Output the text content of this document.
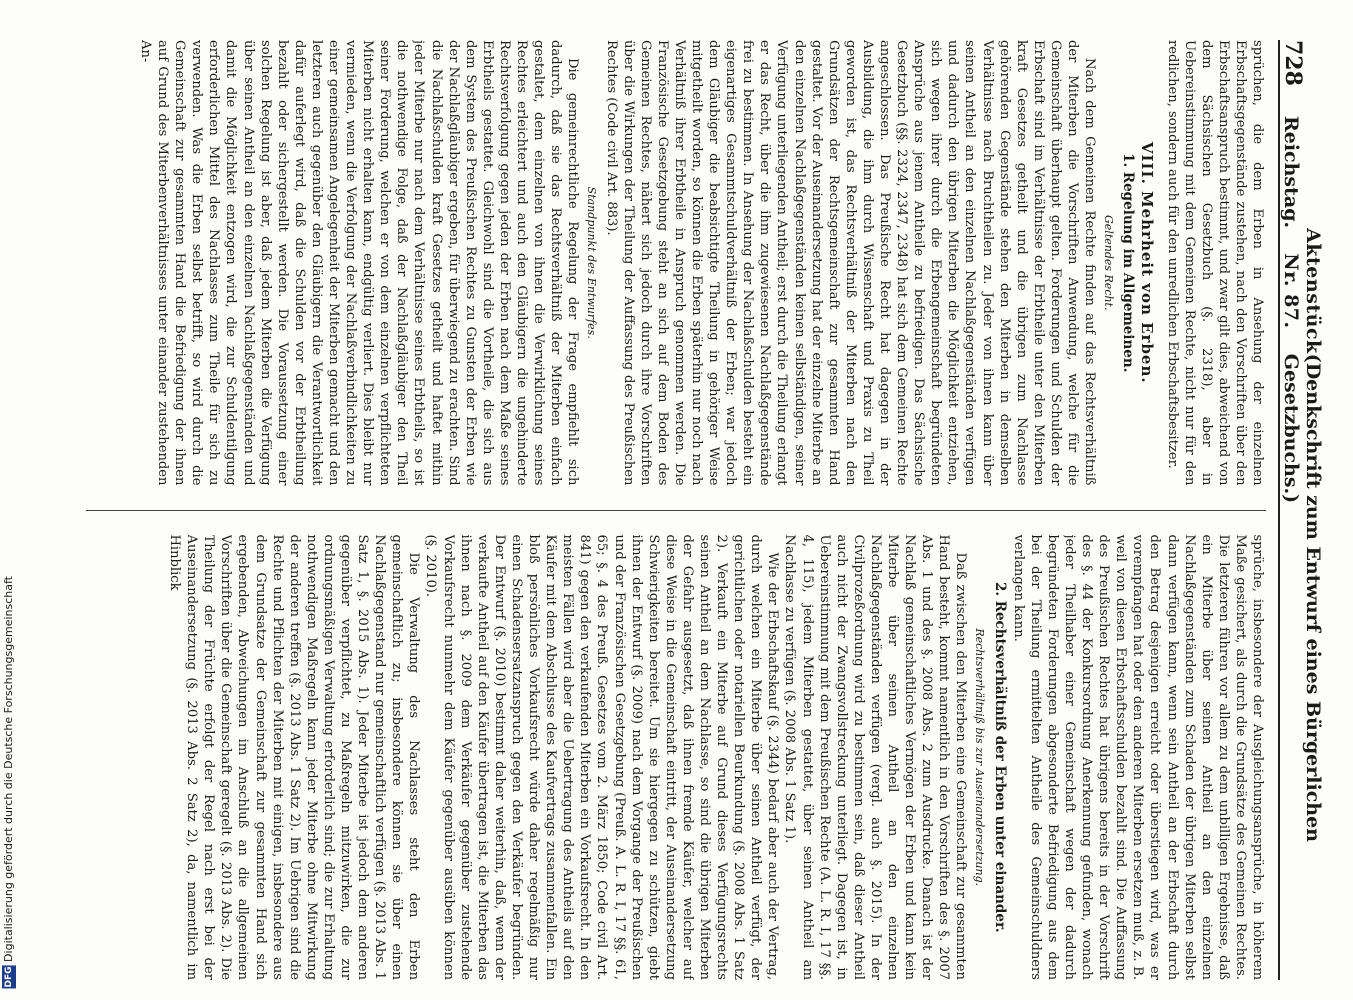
728
Reichstag.
Aktenstück Nr. 87.
(Denkschrift zum Entwurf eines Bürgerlichen Gesetzbuchs.)

sprüchen, die dem Erben in Ansehung der einzelnen Erbschaftsgegenstände zustehen, nach den Vorschriften über den Erbschaftsanspruch bestimmt, und zwar gilt dies, abweichend von dem Sächsischen Gesetzbuch (§. 2318), aber in Uebereinstimmung mit dem Gemeinen Rechte, nicht nur für den redlichen, sondern auch für den unredlichen Erbschaftsbesitzer.

VIII. Mehrheit von Erben.
1. Regelung im Allgemeinen.
Geltendes Recht.

Nach dem Gemeinen Rechte finden auf das Rechtsverhältniß der Miterben die Vorschriften Anwendung, welche für die Gemeinschaft überhaupt gelten. Forderungen und Schulden der Erbschaft sind im Verhältnisse der Erbtheile unter den Miterben kraft Gesetzes getheilt und die übrigen zum Nachlasse gehörenden Gegenstände stehen den Miterben in demselben Verhältnisse nach Bruchtheilen zu. Jeder von ihnen kann über seinen Antheil an den einzelnen Nachlaßgegenständen verfügen und dadurch den übrigen Miterben die Möglichkeit entziehen, sich wegen ihrer durch die Erbengemeinschaft begründeten Ansprüche aus jenem Antheile zu befriedigen. Das Sächsische Gesetzbuch (§§. 2324, 2347, 2348) hat sich dem Gemeinen Rechte angeschlossen. Das Preußische Recht hat dagegen in der Ausbildung, die ihm durch Wissenschaft und Praxis zu Theil geworden ist, das Rechtsverhältniß der Miterben nach den Grundsätzen der Rechtsgemeinschaft zur gesammten Hand gestaltet. Vor der Auseinandersetzung hat der einzelne Miterbe an den einzelnen Nachlaßgegenständen keinen selbständigen, seiner Verfügung unterliegenden Antheil; erst durch die Theilung erlangt er das Recht, über die ihm zugewiesenen Nachlaßgegenstände frei zu bestimmen. In Ansehung der Nachlaßschulden besteht ein eigenartiges Gesammtschuldverhältniß der Erben; war jedoch dem Gläubiger die beabsichtigte Theilung in gehöriger Weise mitgetheilt worden, so können die Erben späterhin nur noch nach Verhältniß ihrer Erbtheile in Anspruch genommen werden. Die Französische Gesetzgebung steht an sich auf dem Boden des Gemeinen Rechtes, nähert sich jedoch durch ihre Vorschriften über die Wirkungen der Theilung der Auffassung des Preußischen Rechtes (Code civil Art. 883).

Standpunkt des Entwurfes.

Die gemeinrechtliche Regelung der Frage empfiehlt sich dadurch, daß sie das Rechtsverhältniß der Miterben einfach gestaltet, dem einzelnen von ihnen die Verwirklichung seines Rechtes erleichtert und auch den Gläubigern die ungehinderte Rechtsverfolgung gegen jeden der Erben nach dem Maße seines Erbtheils gestattet. Gleichwohl sind die Vortheile, die sich aus dem System des Preußischen Rechtes zu Gunsten der Erben wie der Nachlaßgläubiger ergeben, für überwiegend zu erachten. Sind die Nachlaßschulden kraft Gesetzes getheilt und haftet mithin jeder Miterbe nur nach dem Verhältnisse seines Erbtheils, so ist die nothwendige Folge, daß der Nachlaßgläubiger den Theil seiner Forderung, welchen er von dem einzelnen verpflichteten Miterben nicht erhalten kann, endgültig verliert. Dies bleibt nur vermieden, wenn die Verfolgung der Nachlaßverbindlichkeiten zu einer gemeinsamen Angelegenheit der Miterben gemacht und den letzteren auch gegenüber den Gläubigern die Verantwortlichkeit dafür auferlegt wird, daß die Schulden vor der Erbtheilung bezahlt oder sichergestellt werden. Die Voraussetzung einer solchen Regelung ist aber, daß jedem Miterben die Verfügung über seinen Antheil an den einzelnen Nachlaßgegenständen und damit die Möglichkeit entzogen wird, die zur Schuldentilgung erforderlichen Mittel des Nachlasses zum Theile für sich zu verwenden. Was die Erben selbst betrifft, so wird durch die Gemeinschaft zur gesammten Hand die Befriedigung der ihnen auf Grund des Miterbenverhältnisses unter einander zustehenden An-

sprüche, insbesondere der Ausgleichungsansprüche, in höherem Maße gesichert, als durch die Grundsätze des Gemeinen Rechtes. Die letzteren führen vor allem zu dem unbilligen Ergebnisse, daß ein Miterbe über seinen Antheil an den einzelnen Nachlaßgegenständen zum Schaden der übrigen Miterben selbst dann verfügen kann, wenn sein Antheil an der Erbschaft durch den Betrag desjenigen erreicht oder überstiegen wird, was er vorempfangen hat oder den anderen Miterben ersetzen muß, z. B. weil von diesen Erbschaftsschulden bezahlt sind. Die Auffassung des Preußischen Rechtes hat übrigens bereits in der Vorschrift des §. 44 der Konkursordnung Anerkennung gefunden, wonach jeder Theilhaber einer Gemeinschaft wegen der dadurch begründeten Forderungen abgesonderte Befriedigung aus dem bei der Theilung ermittelten Antheile des Gemeinschuldners verlangen kann.

2. Rechtsverhältniß der Erben unter einander.
Rechtsverhältniß bis zur Auseinandersetzung.

Daß zwischen den Miterben eine Gemeinschaft zur gesammten Hand besteht, kommt namentlich in den Vorschriften des §. 2007 Abs. 1 und des §. 2008 Abs. 2 zum Ausdrucke. Danach ist der Nachlaß gemeinschaftliches Vermögen der Erben und kann kein Miterbe über seinen Antheil an den einzelnen Nachlaßgegenständen verfügen (vergl. auch §. 2015). In der Civilprozeßordnung wird zu bestimmen sein, daß dieser Antheil auch nicht der Zwangsvollstreckung unterliegt. Dagegen ist, in Uebereinstimmung mit dem Preußischen Rechte (A. L. R. I, 17 §§. 4, 115), jedem Miterben gestattet, über seinen Antheil am Nachlasse zu verfügen (§. 2008 Abs. 1 Satz 1).

Wie der Erbschaftskauf (§. 2344) bedarf aber auch der Vertrag, durch welchen ein Miterbe über seinen Antheil verfügt, der gerichtlichen oder notariellen Beurkundung (§. 2008 Abs. 1 Satz 2). Verkauft ein Miterbe auf Grund dieses Verfügungsrechts seinen Antheil an dem Nachlasse, so sind die übrigen Miterben der Gefahr ausgesetzt, daß ihnen fremde Käufer, welcher auf diese Weise in die Gemeinschaft eintritt, der Auseinandersetzung Schwierigkeiten bereitet. Um sie hiergegen zu schützen, giebt ihnen der Entwurf (§. 2009) nach dem Vorgange der Preußischen und der Französischen Gesetzgebung (Preuß. A. L. R. I, 17 §§. 61, 65; §. 4 des Preuß. Gesetzes vom 2. März 1850; Code civil Art. 841) gegen den verkaufenden Miterben ein Vorkaufsrecht. In den meisten Fällen wird aber die Uebertragung des Antheils auf den Käufer mit dem Abschlusse des Kaufvertrags zusammenfallen. Ein bloß persönliches Vorkaufsrecht würde daher regelmäßig nur einen Schadensersatzanspruch gegen den Verkäufer begründen. Der Entwurf (§. 2010) bestimmt daher weiterhin, daß, wenn der verkaufte Antheil auf den Käufer übertragen ist, die Miterben das ihnen nach §. 2009 dem Verkäufer gegenüber zustehende Vorkaufsrecht nunmehr dem Käufer gegenüber ausüben können (§. 2010).

Die Verwaltung des Nachlasses steht den Erben gemeinschaftlich zu; insbesondere können sie über einen Nachlaßgegenstand nur gemeinschaftlich verfügen (§. 2013 Abs. 1 Satz 1, §. 2015 Abs. 1). Jeder Miterbe ist jedoch dem anderen gegenüber verpflichtet, zu Maßregeln mitzuwirken, die zur ordnungsmäßigen Verwaltung erforderlich sind; die zur Erhaltung nothwendigen Maßregeln kann jeder Miterbe ohne Mitwirkung der anderen treffen (§. 2013 Abs. 1 Satz 2). Im Uebrigen sind die Rechte und Pflichten der Miterben mit einigen, insbesondere aus dem Grundsatze der Gemeinschaft zur gesammten Hand sich ergebenden, Abweichungen im Anschluß an die allgemeinen Vorschriften über die Gemeinschaft geregelt (§. 2013 Abs. 2). Die Theilung der Früchte erfolgt der Regel nach erst bei der Auseinandersetzung (§. 2013 Abs. 2 Satz 2), da, namentlich im Hinblick

DFG Digitalisierung gefördert durch die Deutsche Forschungsgemeinschaft
